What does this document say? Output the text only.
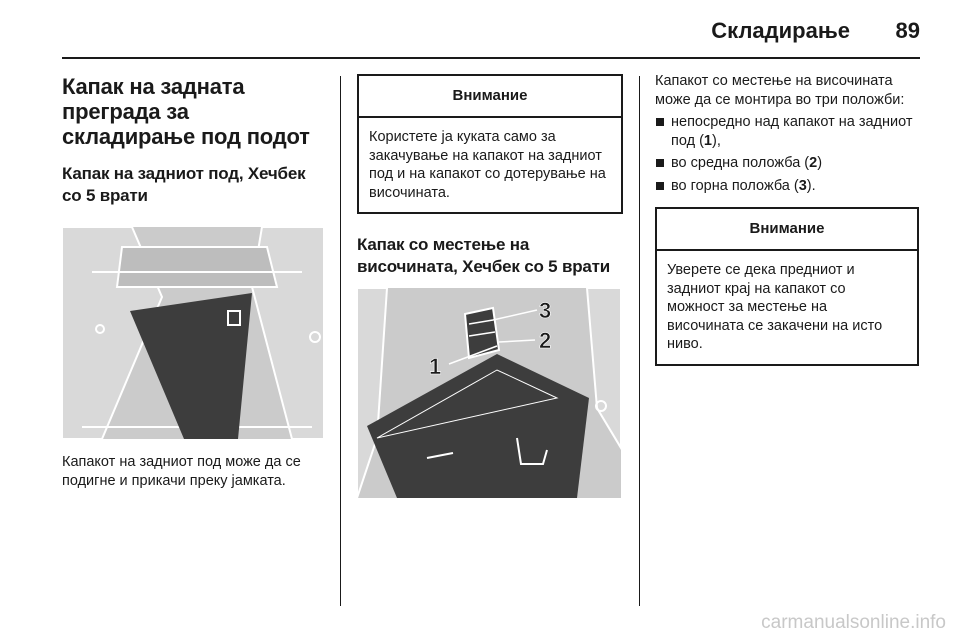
Складирање	89
Капак на задната преграда за складирање под подот
Капак на задниот под, Хечбек со 5 врати

Капакот на задниот под може да се подигне и прикачи преку јамката.

Внимание
Користете ја куката само за закачување на капакот на задниот под и на капакот со дотерување на височината.
Капак со местење на височината, Хечбек со 5 врати
3
2
1

Капакот со местење на височината може да се монтира во три положби:

непосредно над капакот на задниот под (1),
во средна положба (2)
во горна положба (3).
Внимание
Уверете се дека предниот и задниот крај на капакот со можност за местење на височината се закачени на исто ниво.
carmanualsonline.info
